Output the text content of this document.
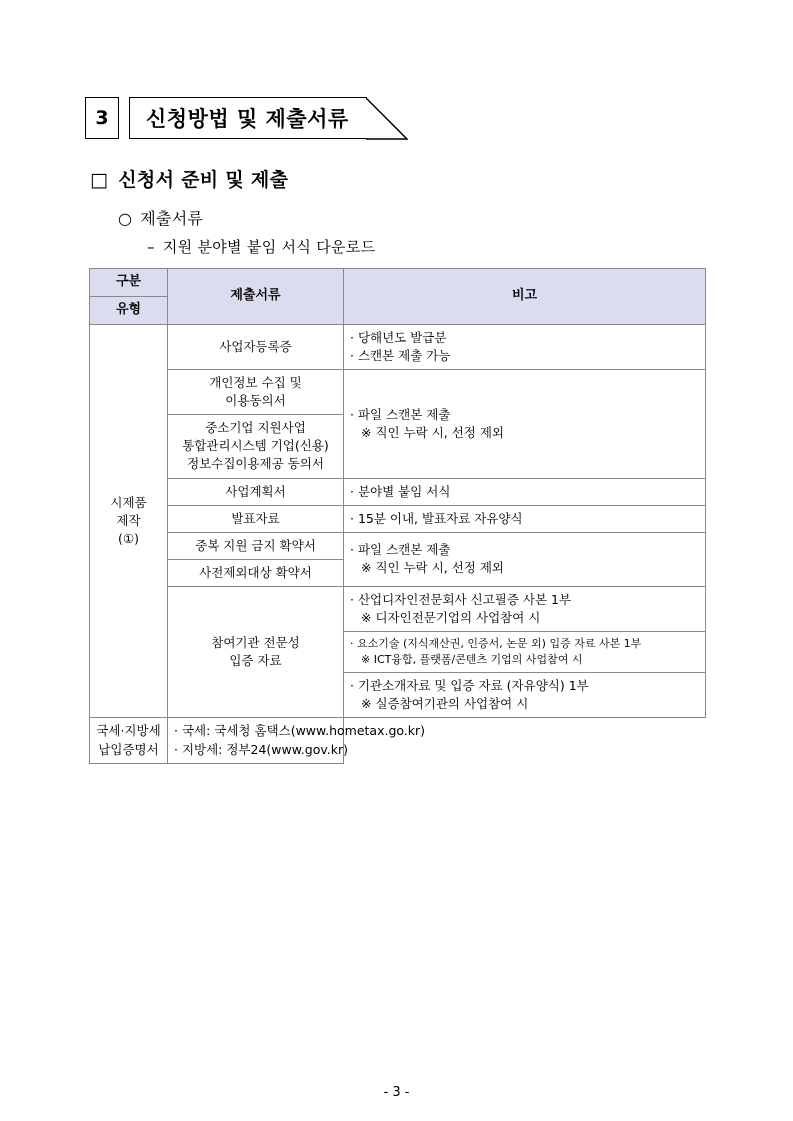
3	신청방법 및 제출서류
□ 신청서 준비 및 제출
○ 제출서류
– 지원 분야별 붙임 서식 다운로드
구분	제출서류	비고
유형		

시제품
제작
(①)	사업자등록증	· 당해년도 발급분
· 스캔본 제출 가능

	개인정보 수집 및
이용동의서	· 파일 스캔본 제출
※ 직인 누락 시, 선정 제외

	중소기업 지원사업
통합관리시스템 기업(신용)
정보수집이용제공 동의서	

	사업계획서	· 분야별 붙임 서식

	발표자료	· 15분 이내, 발표자료 자유양식

	중복 지원 금지 확약서	· 파일 스캔본 제출
※ 직인 누락 시, 선정 제외

	사전제외대상 확약서	

	참여기관 전문성
입증 자료	· 산업디자인전문회사 신고필증 사본 1부
※ 디자인전문기업의 사업참여 시

		· 요소기술 (지식재산권, 인증서, 논문 외) 입증 자료 사본 1부
※ ICT융합, 플랫폼/콘텐츠 기업의 사업참여 시

		· 기관소개자료 및 입증 자료 (자유양식) 1부
※ 실증참여기관의 사업참여 시

국세·지방세
납입증명서	· 국세: 국세청 홈택스(www.hometax.go.kr)
· 지방세: 정부24(www.gov.kr)	
- 3 -
